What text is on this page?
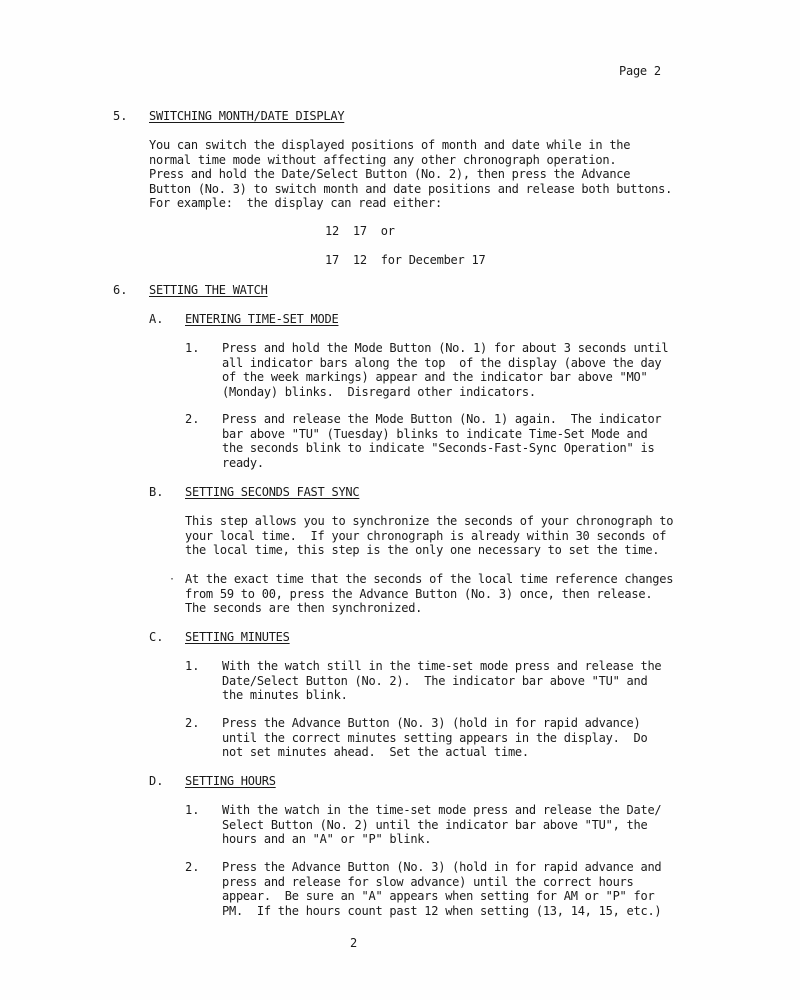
Page 2
5. SWITCHING MONTH/DATE DISPLAY
You can switch the displayed positions of month and date while in the
normal time mode without affecting any other chronograph operation.
Press and hold the Date/Select Button (No. 2), then press the Advance
Button (No. 3) to switch month and date positions and release both buttons.
For example:  the display can read either:
12  17  or
17  12  for December 17
6. SETTING THE WATCH
A. ENTERING TIME-SET MODE
1. Press and hold the Mode Button (No. 1) for about 3 seconds until
all indicator bars along the top  of the display (above the day
of the week markings) appear and the indicator bar above "MO"
(Monday) blinks.  Disregard other indicators.
2. Press and release the Mode Button (No. 1) again.  The indicator
bar above "TU" (Tuesday) blinks to indicate Time-Set Mode and
the seconds blink to indicate "Seconds-Fast-Sync Operation" is
ready.
B. SETTING SECONDS FAST SYNC
This step allows you to synchronize the seconds of your chronograph to
your local time.  If your chronograph is already within 30 seconds of
the local time, this step is the only one necessary to set the time.
· At the exact time that the seconds of the local time reference changes
from 59 to 00, press the Advance Button (No. 3) once, then release.
The seconds are then synchronized.
C. SETTING MINUTES
1. With the watch still in the time-set mode press and release the
Date/Select Button (No. 2).  The indicator bar above "TU" and
the minutes blink.
2. Press the Advance Button (No. 3) (hold in for rapid advance)
until the correct minutes setting appears in the display.  Do
not set minutes ahead.  Set the actual time.
D. SETTING HOURS
1. With the watch in the time-set mode press and release the Date/
Select Button (No. 2) until the indicator bar above "TU", the
hours and an "A" or "P" blink.
2. Press the Advance Button (No. 3) (hold in for rapid advance and
press and release for slow advance) until the correct hours
appear.  Be sure an "A" appears when setting for AM or "P" for
PM.  If the hours count past 12 when setting (13, 14, 15, etc.)
2
